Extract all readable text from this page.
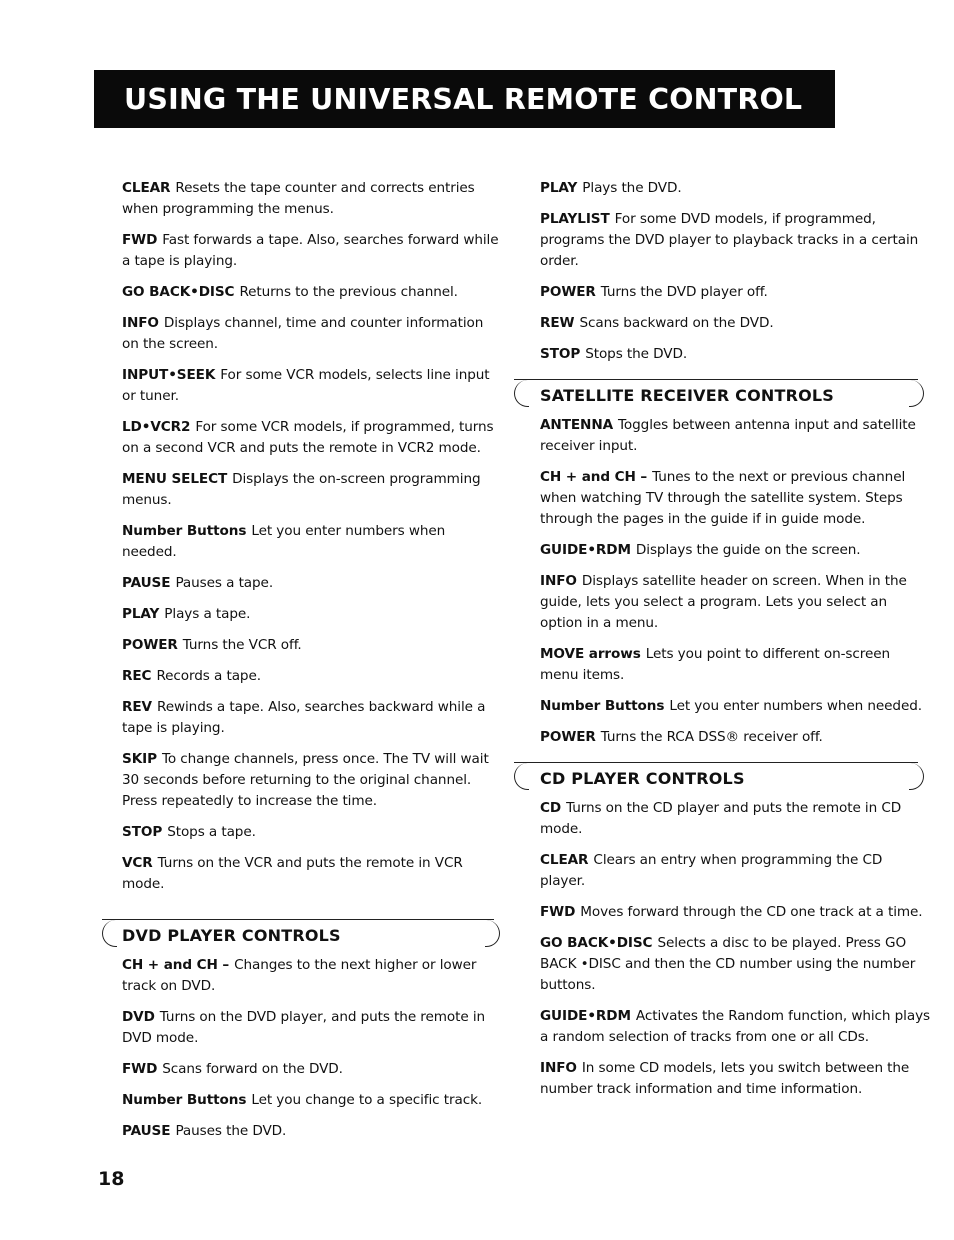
USING THE UNIVERSAL REMOTE CONTROL

CLEAR Resets the tape counter and corrects entries when programming the menus.

FWD Fast forwards a tape. Also, searches forward while a tape is playing.

GO BACK•DISC Returns to the previous channel.

INFO Displays channel, time and counter information on the screen.

INPUT•SEEK For some VCR models, selects line input or tuner.

LD•VCR2 For some VCR models, if programmed, turns on a second VCR and puts the remote in VCR2 mode.

MENU SELECT Displays the on-screen programming menus.

Number Buttons Let you enter numbers when needed.

PAUSE Pauses a tape.

PLAY Plays a tape.

POWER Turns the VCR off.

REC Records a tape.

REV Rewinds a tape. Also, searches backward while a tape is playing.

SKIP To change channels, press once. The TV will wait 30 seconds before returning to the original channel. Press repeatedly to increase the time.

STOP Stops a tape.

VCR Turns on the VCR and puts the remote in VCR mode.

DVD PLAYER CONTROLS

CH + and CH – Changes to the next higher or lower track on DVD.

DVD Turns on the DVD player, and puts the remote in DVD mode.

FWD Scans forward on the DVD.

Number Buttons Let you change to a specific track.

PAUSE Pauses the DVD.

PLAY Plays the DVD.

PLAYLIST For some DVD models, if programmed, programs the DVD player to playback tracks in a certain order.

POWER Turns the DVD player off.

REW Scans backward on the DVD.

STOP Stops the DVD.

SATELLITE RECEIVER CONTROLS

ANTENNA Toggles between antenna input and satellite receiver input.

CH + and CH – Tunes to the next or previous channel when watching TV through the satellite system. Steps through the pages in the guide if in guide mode.

GUIDE•RDM Displays the guide on the screen.

INFO Displays satellite header on screen. When in the guide, lets you select a program. Lets you select an option in a menu.

MOVE arrows Lets you point to different on-screen menu items.

Number Buttons Let you enter numbers when needed.

POWER Turns the RCA DSS® receiver off.

CD PLAYER CONTROLS

CD Turns on the CD player and puts the remote in CD mode.

CLEAR Clears an entry when programming the CD player.

FWD Moves forward through the CD one track at a time.

GO BACK•DISC Selects a disc to be played. Press GO BACK •DISC and then the CD number using the number buttons.

GUIDE•RDM Activates the Random function, which plays a random selection of tracks from one or all CDs.

INFO In some CD models, lets you switch between the number track information and time information.

18
